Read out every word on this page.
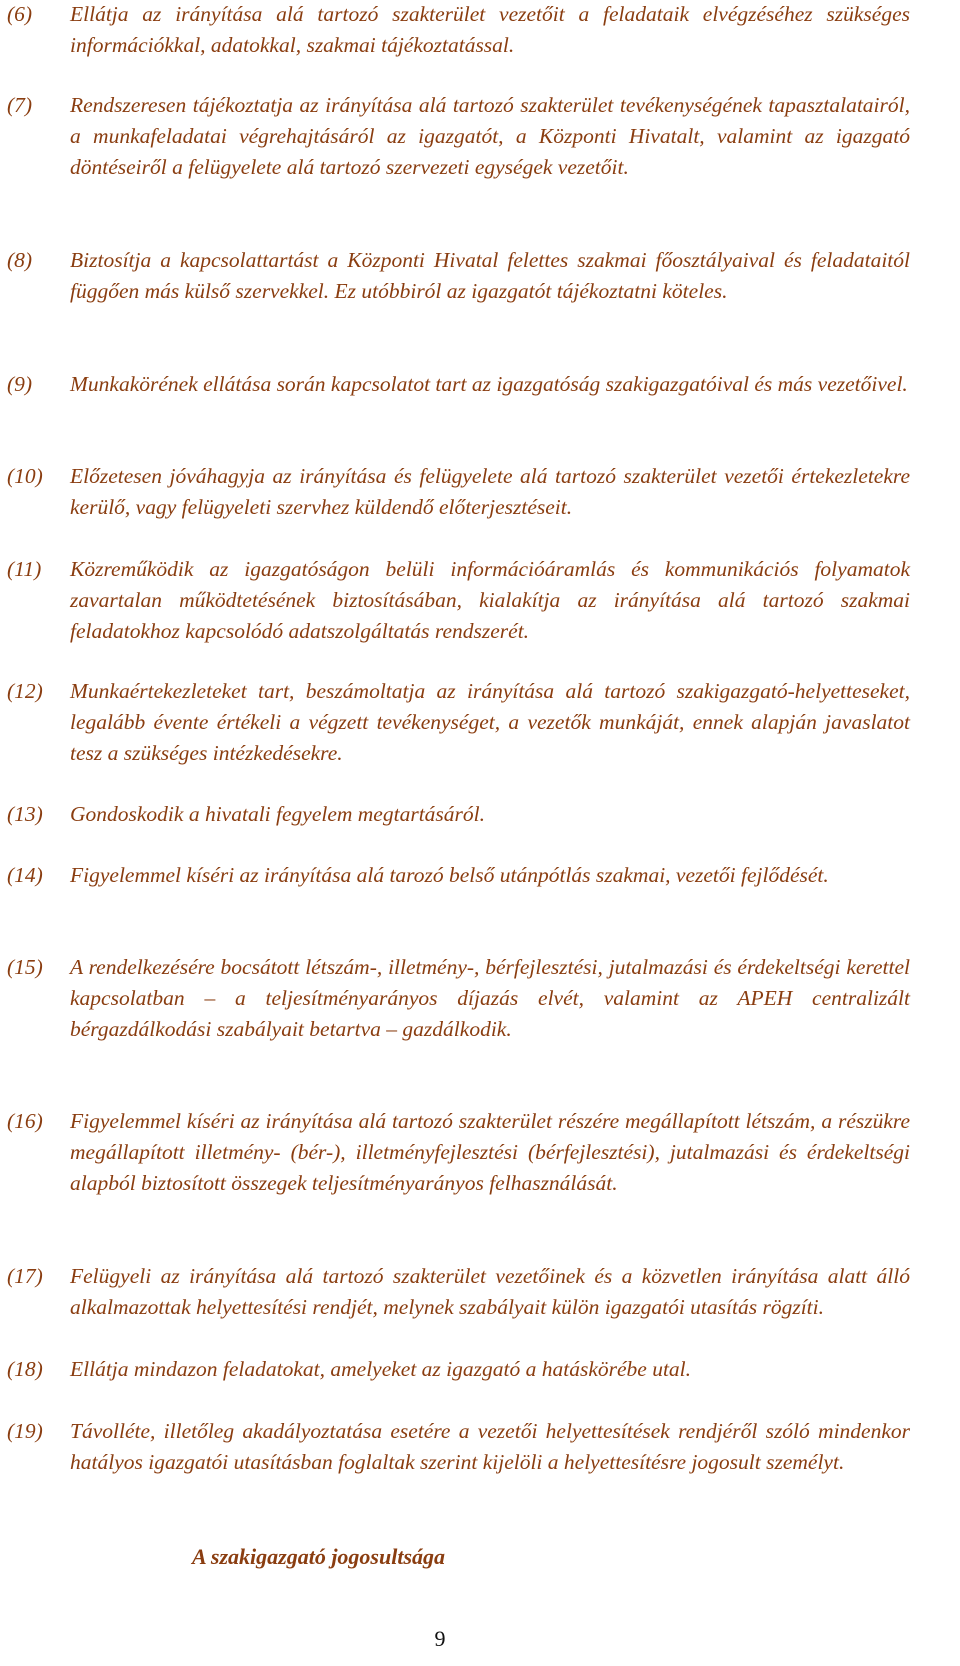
(6)	Ellátja az irányítása alá tartozó szakterület vezetőit a feladataik elvégzéséhez szükséges információkkal, adatokkal, szakmai tájékoztatással.
(7)	Rendszeresen tájékoztatja az irányítása alá tartozó szakterület tevékenységének tapasztalatairól, a munkafeladatai végrehajtásáról az igazgatót, a Központi Hivatalt, valamint az igazgató döntéseiről a felügyelete alá tartozó szervezeti egységek vezetőit.
(8)	Biztosítja a kapcsolattartást a Központi Hivatal felettes szakmai főosztályaival és feladataitól függően más külső szervekkel. Ez utóbbiról az igazgatót tájékoztatni köteles.
(9)	Munkakörének ellátása során kapcsolatot tart az igazgatóság szakigazgatóival és más vezetőivel.
(10)	Előzetesen jóváhagyja az irányítása és felügyelete alá tartozó szakterület vezetői értekezletekre kerülő, vagy felügyeleti szervhez küldendő előterjesztéseit.
(11)	Közreműködik az igazgatóságon belüli információáramlás és kommunikációs folyamatok zavartalan működtetésének biztosításában, kialakítja az irányítása alá tartozó szakmai feladatokhoz kapcsolódó adatszolgáltatás rendszerét.
(12)	Munkaértekezleteket tart, beszámoltatja az irányítása alá tartozó szakigazgató-helyetteseket, legalább évente értékeli a végzett tevékenységet, a vezetők munkáját, ennek alapján javaslatot tesz a szükséges intézkedésekre.
(13)	Gondoskodik a hivatali fegyelem megtartásáról.
(14)	Figyelemmel kíséri az irányítása alá tarozó belső utánpótlás szakmai, vezetői fejlődését.
(15)	A rendelkezésére bocsátott létszám-, illetmény-, bérfejlesztési, jutalmazási és érdekeltségi kerettel kapcsolatban – a teljesítményarányos díjazás elvét, valamint az APEH centralizált bérgazdálkodási szabályait betartva – gazdálkodik.
(16)	Figyelemmel kíséri az irányítása alá tartozó szakterület részére megállapított létszám, a részükre megállapított illetmény- (bér-), illetményfejlesztési (bérfejlesztési), jutalmazási és érdekeltségi alapból biztosított összegek teljesítményarányos felhasználását.
(17)	Felügyeli az irányítása alá tartozó szakterület vezetőinek és a közvetlen irányítása alatt álló alkalmazottak helyettesítési rendjét, melynek szabályait külön igazgatói utasítás rögzíti.
(18)	Ellátja mindazon feladatokat, amelyeket az igazgató a hatáskörébe utal.
(19)	Távolléte, illetőleg akadályoztatása esetére a vezetői helyettesítések rendjéről szóló mindenkor hatályos igazgatói utasításban foglaltak szerint kijelöli a helyettesítésre jogosult személyt.
A szakigazgató jogosultsága
9
